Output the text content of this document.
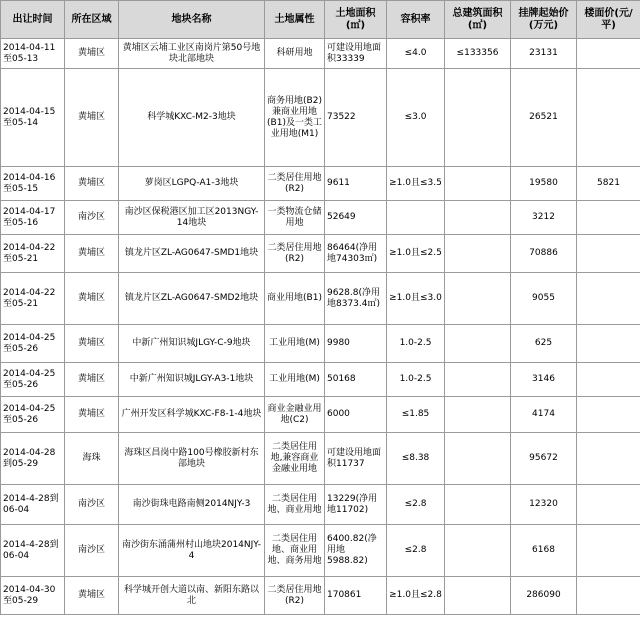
出让时间	所在区域	地块名称	土地属性	土地面积(㎡)	容积率	总建筑面积(㎡)	挂牌起始价(万元)	楼面价(元/平)
2014-04-11至05-13	黄埔区	黄埔区云埔工业区南岗片第50号地块北部地块	科研用地	可建设用地面积33339	≤4.0	≤133356	23131	
2014-04-15至05-14	黄埔区	科学城KXC-M2-3地块	商务用地(B2)兼商业用地(B1)及一类工业用地(M1)	73522	≤3.0		26521	
2014-04-16至05-15	黄埔区	萝岗区LGPQ-A1-3地块	二类居住用地(R2)	9611	≥1.0且≤3.5		19580	5821
2014-04-17至05-16	南沙区	南沙区保税港区加工区2013NGY-14地块	一类物流仓储用地	52649			3212	
2014-04-22至05-21	黄埔区	镇龙片区ZL-AG0647-SMD1地块	二类居住用地(R2)	86464(净用地74303㎡)	≥1.0且≤2.5		70886	
2014-04-22至05-21	黄埔区	镇龙片区ZL-AG0647-SMD2地块	商业用地(B1)	9628.8(净用地8373.4㎡)	≥1.0且≤3.0		9055	
2014-04-25至05-26	黄埔区	中新广州知识城JLGY-C-9地块	工业用地(M)	9980	1.0-2.5		625	
2014-04-25至05-26	黄埔区	中新广州知识城JLGY-A3-1地块	工业用地(M)	50168	1.0-2.5		3146	
2014-04-25至05-26	黄埔区	广州开发区科学城KXC-F8-1-4地块	商业金融业用地(C2)	6000	≤1.85		4174	
2014-04-28到05-29	海珠	海珠区昌岗中路100号橡胶新村东部地块	二类居住用地,兼容商业金融业用地	可建设用地面积11737	≤8.38		95672	
2014-4-28到06-04	南沙区	南沙街珠电路南侧2014NJY-3	二类居住用地、商业用地	13229(净用地11702)	≤2.8		12320	
2014-4-28到06-04	南沙区	南沙街东涌蒲州村山地块2014NJY-4	二类居住用地、商业用地、商务用地	6400.82(净用地5988.82)	≤2.8		6168	
2014-04-30至05-29	黄埔区	科学城开创大道以南、新阳东路以北	二类居住用地(R2)	170861	≥1.0且≤2.8		286090	
